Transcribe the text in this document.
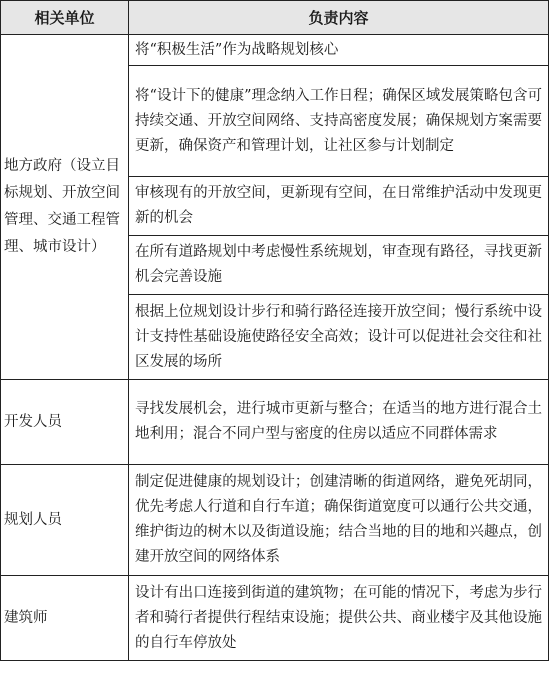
相关单位	负责内容
地方政府（设立目标规划、开放空间管理、交通工程管理、城市设计）	将“积极生活”作为战略规划核心
	将“设计下的健康”理念纳入工作日程；确保区域发展策略包含可持续交通、开放空间网络、支持高密度发展；确保规划方案需要更新，确保资产和管理计划，让社区参与计划制定
	审核现有的开放空间，更新现有空间，在日常维护活动中发现更新的机会
	在所有道路规划中考虑慢性系统规划，审查现有路径，寻找更新机会完善设施
	根据上位规划设计步行和骑行路径连接开放空间；慢行系统中设计支持性基础设施使路径安全高效；设计可以促进社会交往和社区发展的场所
开发人员	寻找发展机会，进行城市更新与整合；在适当的地方进行混合土地利用；混合不同户型与密度的住房以适应不同群体需求
规划人员	制定促进健康的规划设计；创建清晰的街道网络，避免死胡同，优先考虑人行道和自行车道；确保街道宽度可以通行公共交通，维护街边的树木以及街道设施；结合当地的目的地和兴趣点，创建开放空间的网络体系
建筑师	设计有出口连接到街道的建筑物；在可能的情况下，考虑为步行者和骑行者提供行程结束设施；提供公共、商业楼宇及其他设施的自行车停放处
